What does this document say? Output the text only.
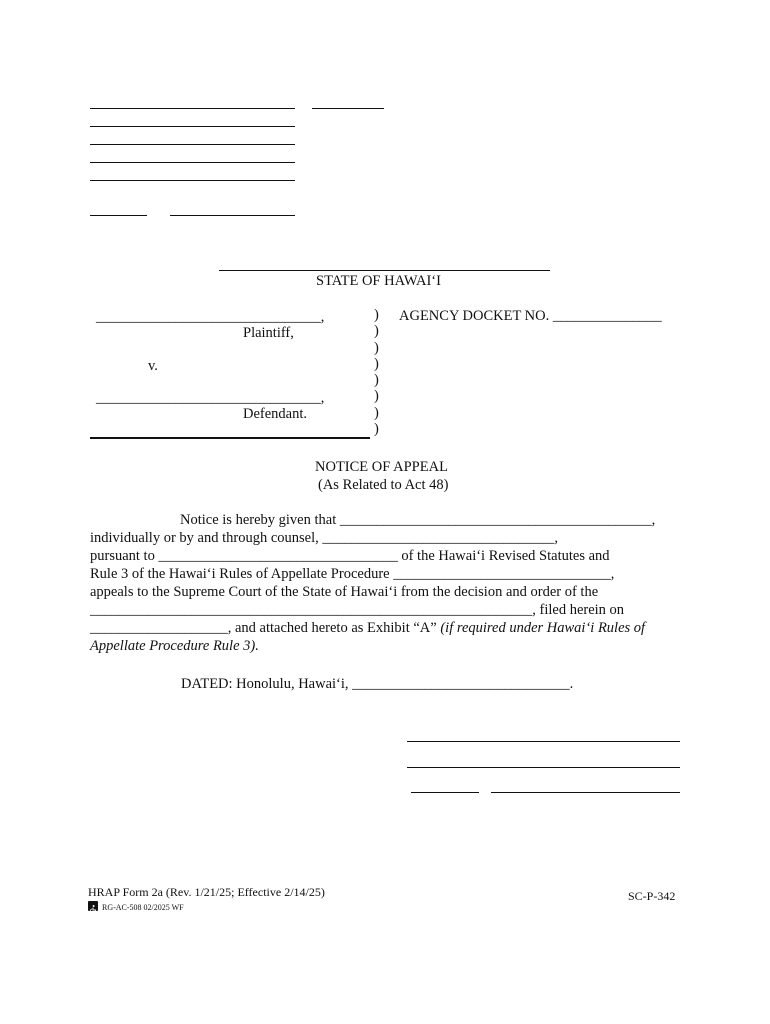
STATE OF HAWAI‘I
_______________________________,
Plaintiff,
v.
_______________________________,
Defendant.
)
)
)
)
)
)
)
)
AGENCY DOCKET NO. _______________
NOTICE OF APPEAL
(As Related to Act 48)
Notice is hereby given that ___________________________________________,
individually or by and through counsel, ________________________________,
pursuant to _________________________________ of the Hawai‘i Revised Statutes and
Rule 3 of the Hawai‘i Rules of Appellate Procedure ______________________________,
appeals to the Supreme Court of the State of Hawai‘i from the decision and order of the
_____________________________________________________________, filed herein on
___________________, and attached hereto as Exhibit “A” (if required under Hawai‘i Rules of
Appellate Procedure Rule 3).
DATED: Honolulu, Hawai‘i, ______________________________.
HRAP Form 2a (Rev. 1/21/25; Effective 2/14/25)	SC-P-342
RG-AC-508 02/2025 WF
